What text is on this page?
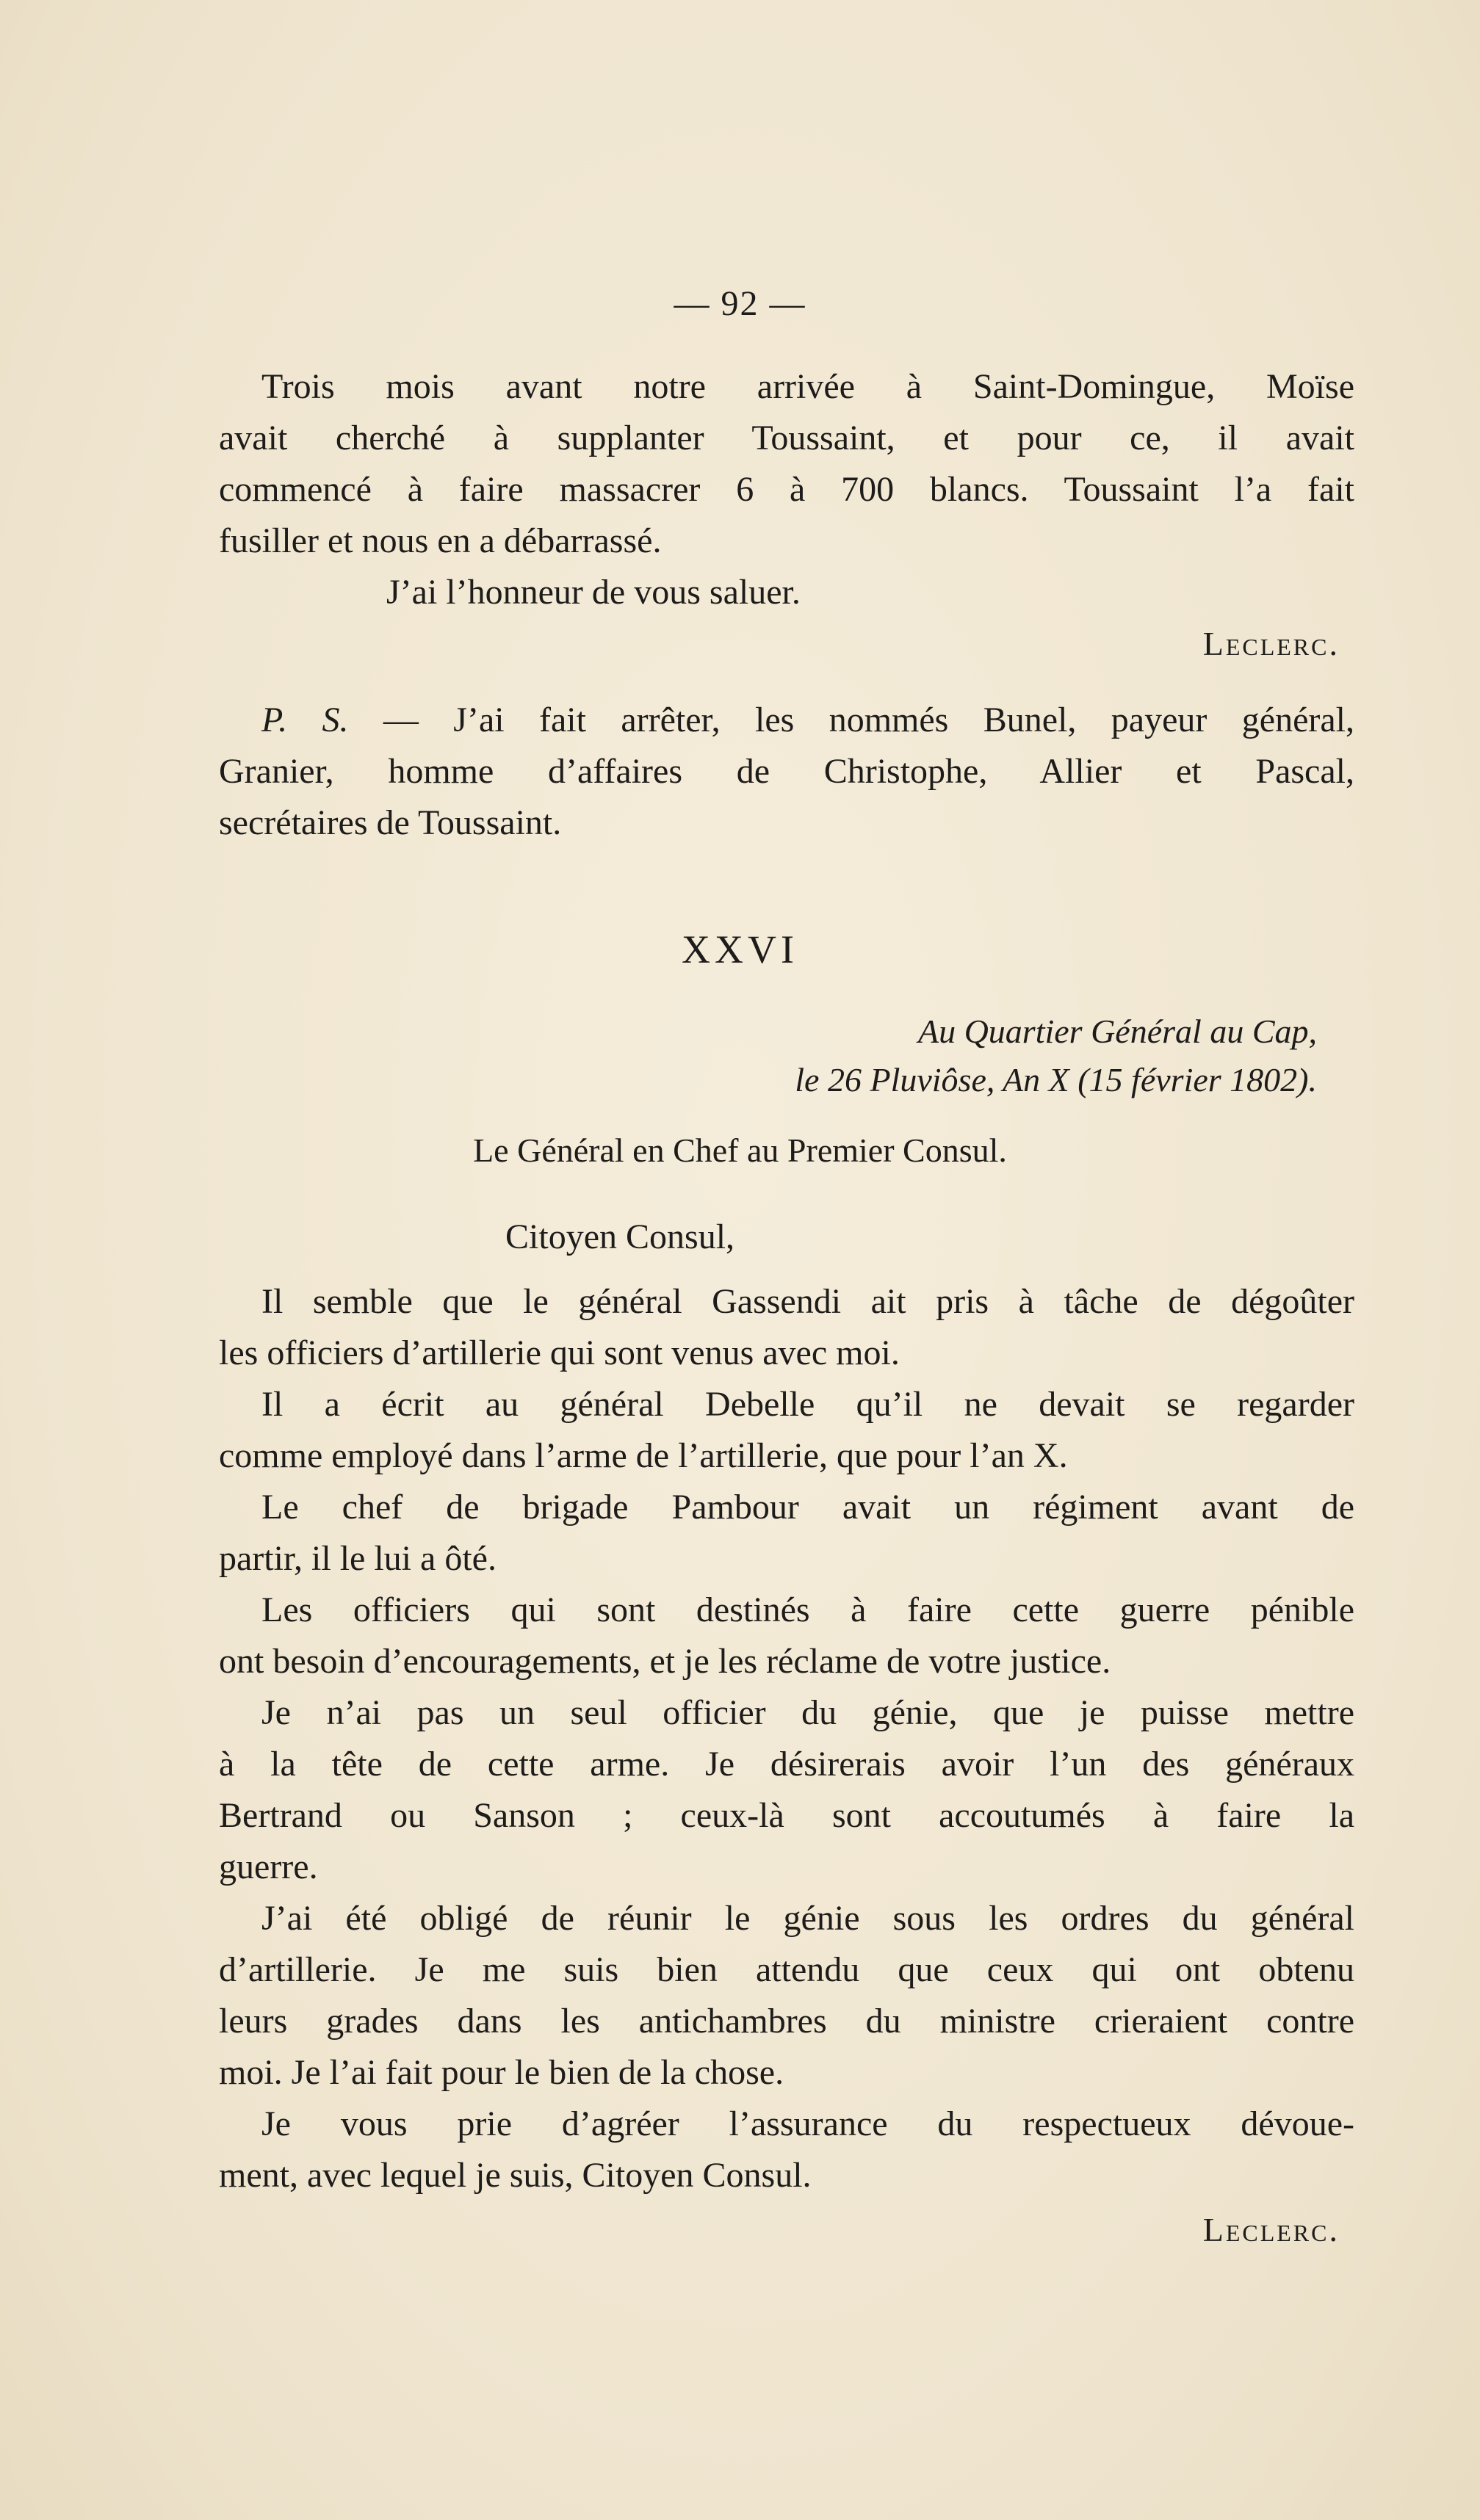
— 92 —

Trois mois avant notre arrivée à Saint-Domingue, Moïse

avait cherché à supplanter Toussaint, et pour ce, il avait

commencé à faire massacrer 6 à 700 blancs. Toussaint l’a fait

fusiller et nous en a débarrassé.

J’ai l’honneur de vous saluer.

Leclerc.

P. S. — J’ai fait arrêter, les nommés Bunel, payeur général,

Granier, homme d’affaires de Christophe, Allier et Pascal,

secrétaires de Toussaint.

XXVI
Au Quartier Général au Cap,
le 26 Pluviôse, An X (15 février 1802).
Le Général en Chef au Premier Consul.

Citoyen Consul,

Il semble que le général Gassendi ait pris à tâche de dégoûter

les officiers d’artillerie qui sont venus avec moi.

Il a écrit au général Debelle qu’il ne devait se regarder

comme employé dans l’arme de l’artillerie, que pour l’an X.

Le chef de brigade Pambour avait un régiment avant de

partir, il le lui a ôté.

Les officiers qui sont destinés à faire cette guerre pénible

ont besoin d’encouragements, et je les réclame de votre justice.

Je n’ai pas un seul officier du génie, que je puisse mettre

à la tête de cette arme. Je désirerais avoir l’un des généraux

Bertrand ou Sanson ; ceux-là sont accoutumés à faire la

guerre.

J’ai été obligé de réunir le génie sous les ordres du général

d’artillerie. Je me suis bien attendu que ceux qui ont obtenu

leurs grades dans les antichambres du ministre crieraient contre

moi. Je l’ai fait pour le bien de la chose.

Je vous prie d’agréer l’assurance du respectueux dévoue-

ment, avec lequel je suis, Citoyen Consul.

Leclerc.
